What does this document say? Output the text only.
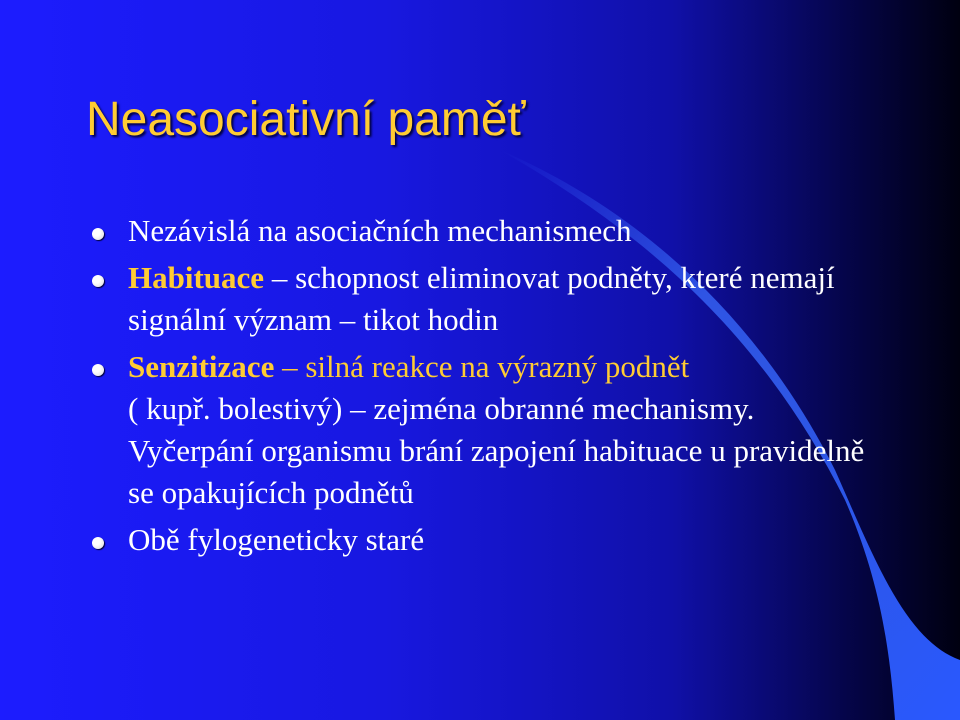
Neasociativní paměť
Nezávislá na asociačních mechanismech
Habituace – schopnost eliminovat podněty, které nemají signální význam – tikot hodin
Senzitizace – silná reakce na výrazný podnět
( kupř. bolestivý) – zejména obranné mechanismy. Vyčerpání organismu brání zapojení habituace u pravidelně se opakujících podnětů
Obě fylogeneticky staré
